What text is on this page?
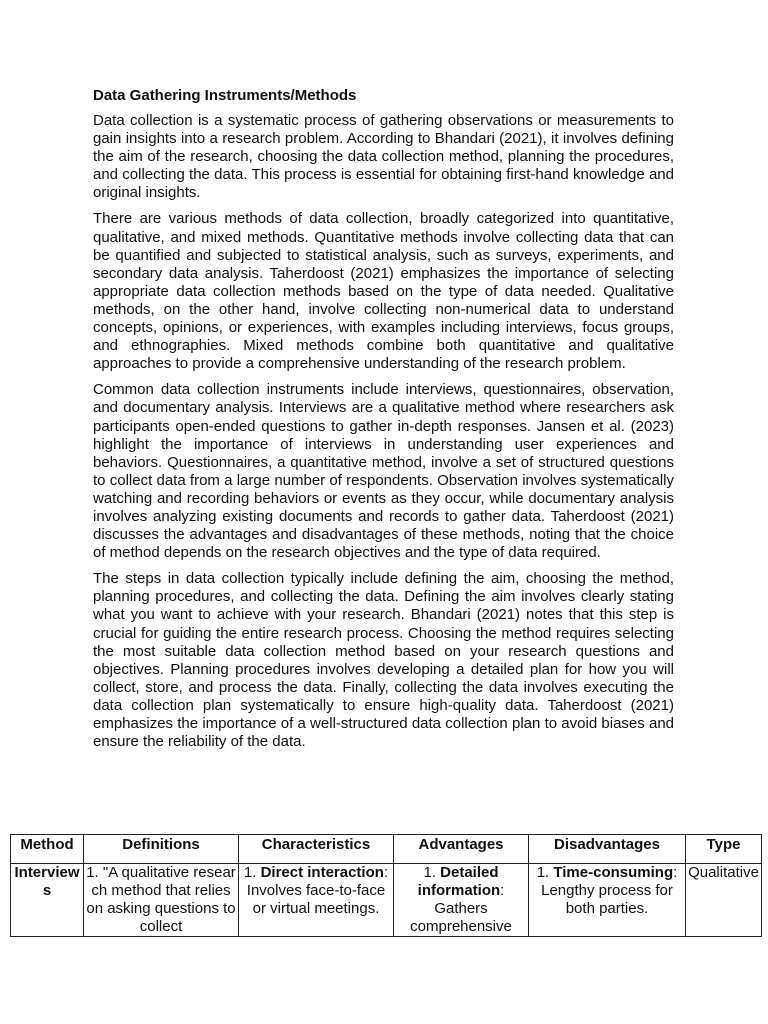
Data Gathering Instruments/Methods

Data collection is a systematic process of gathering observations or measurements to gain insights into a research problem. According to Bhandari (2021), it involves defining the aim of the research, choosing the data collection method, planning the procedures, and collecting the data. This process is essential for obtaining first-hand knowledge and original insights.

There are various methods of data collection, broadly categorized into quantitative, qualitative, and mixed methods. Quantitative methods involve collecting data that can be quantified and subjected to statistical analysis, such as surveys, experiments, and secondary data analysis. Taherdoost (2021) emphasizes the importance of selecting appropriate data collection methods based on the type of data needed. Qualitative methods, on the other hand, involve collecting non-numerical data to understand concepts, opinions, or experiences, with examples including interviews, focus groups, and ethnographies. Mixed methods combine both quantitative and qualitative approaches to provide a comprehensive understanding of the research problem.

Common data collection instruments include interviews, questionnaires, observation, and documentary analysis. Interviews are a qualitative method where researchers ask participants open-ended questions to gather in-depth responses. Jansen et al. (2023) highlight the importance of interviews in understanding user experiences and behaviors. Questionnaires, a quantitative method, involve a set of structured questions to collect data from a large number of respondents. Observation involves systematically watching and recording behaviors or events as they occur, while documentary analysis involves analyzing existing documents and records to gather data. Taherdoost (2021) discusses the advantages and disadvantages of these methods, noting that the choice of method depends on the research objectives and the type of data required.

The steps in data collection typically include defining the aim, choosing the method, planning procedures, and collecting the data. Defining the aim involves clearly stating what you want to achieve with your research. Bhandari (2021) notes that this step is crucial for guiding the entire research process. Choosing the method requires selecting the most suitable data collection method based on your research questions and objectives. Planning procedures involves developing a detailed plan for how you will collect, store, and process the data. Finally, collecting the data involves executing the data collection plan systematically to ensure high-quality data. Taherdoost (2021) emphasizes the importance of a well-structured data collection plan to avoid biases and ensure the reliability of the data.

Method	Definitions	Characteristics	Advantages	Disadvantages	Type

Interviews	1. "A qualitative research method that relies on asking questions to collect	1. Direct interaction: Involves face-to-face or virtual meetings.	1. Detailed information: Gathers comprehensive	1. Time-consuming: Lengthy process for both parties.	Qualitative
